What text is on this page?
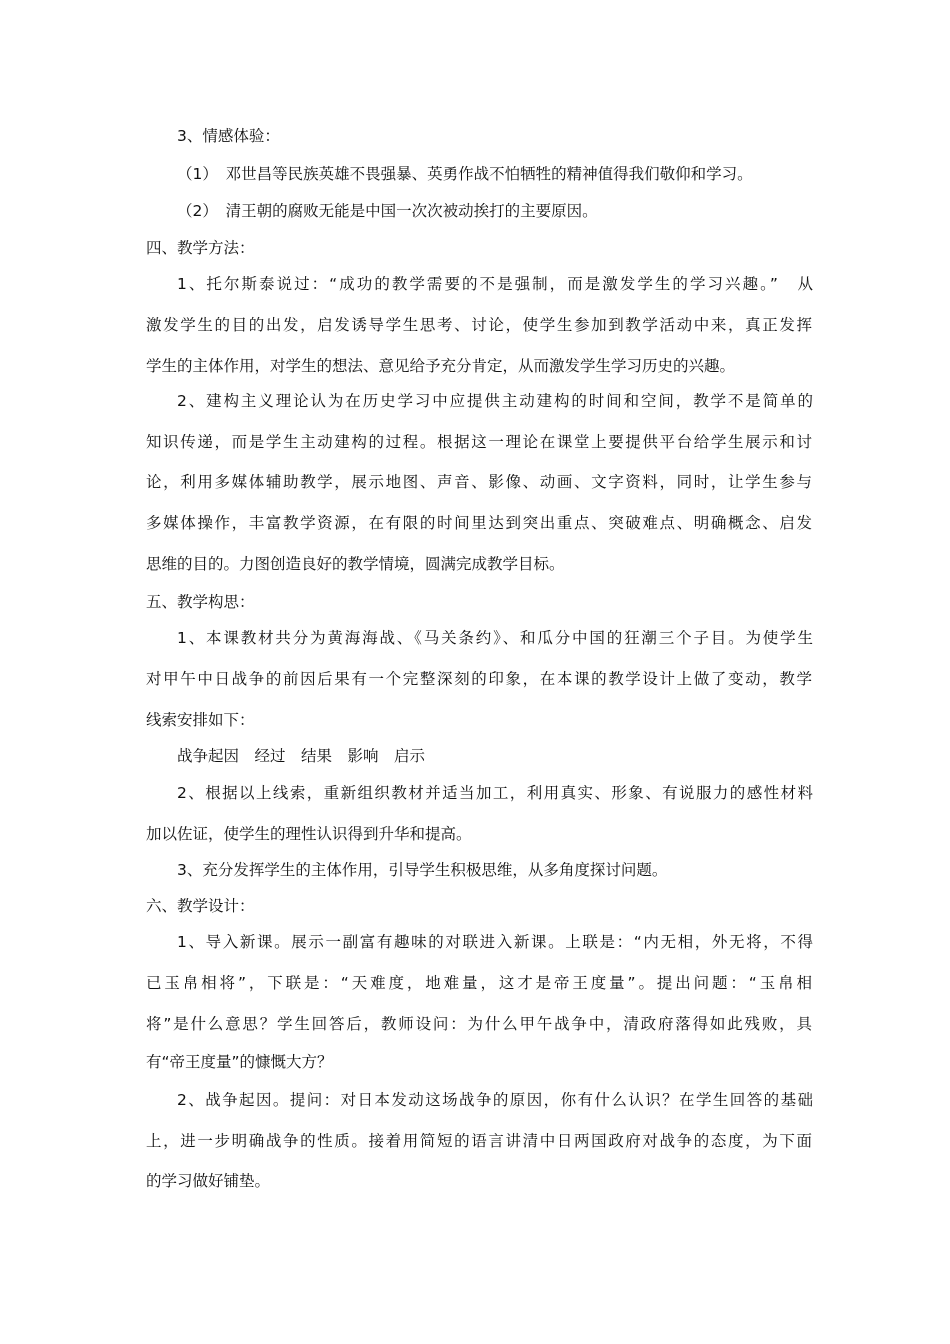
3、情感体验：
（1）　邓世昌等民族英雄不畏强暴、英勇作战不怕牺牲的精神值得我们敬仰和学习。
（2）　清王朝的腐败无能是中国一次次被动挨打的主要原因。
四、教学方法：
1、托尔斯泰说过：“成功的教学需要的不是强制，而是激发学生的学习兴趣。”　从
激发学生的目的出发，启发诱导学生思考、讨论，使学生参加到教学活动中来，真正发挥
学生的主体作用，对学生的想法、意见给予充分肯定，从而激发学生学习历史的兴趣。
2、建构主义理论认为在历史学习中应提供主动建构的时间和空间，教学不是简单的
知识传递，而是学生主动建构的过程。根据这一理论在课堂上要提供平台给学生展示和讨
论，利用多媒体辅助教学，展示地图、声音、影像、动画、文字资料，同时，让学生参与
多媒体操作，丰富教学资源，在有限的时间里达到突出重点、突破难点、明确概念、启发
思维的目的。力图创造良好的教学情境，圆满完成教学目标。
五、教学构思：
1、本课教材共分为黄海海战、《马关条约》、和瓜分中国的狂潮三个子目。为使学生
对甲午中日战争的前因后果有一个完整深刻的印象，在本课的教学设计上做了变动，教学
线索安排如下：
战争起因　经过　结果　影响　启示
2、根据以上线索，重新组织教材并适当加工，利用真实、形象、有说服力的感性材料
加以佐证，使学生的理性认识得到升华和提高。
3、充分发挥学生的主体作用，引导学生积极思维，从多角度探讨问题。
六、教学设计：
1、导入新课。展示一副富有趣味的对联进入新课。上联是：“内无相，外无将，不得
已玉帛相将”，下联是：“天难度，地难量，这才是帝王度量”。提出问题：“玉帛相
将”是什么意思？学生回答后，教师设问：为什么甲午战争中，清政府落得如此残败，具
有“帝王度量”的慷慨大方？
2、战争起因。提问：对日本发动这场战争的原因，你有什么认识？在学生回答的基础
上，进一步明确战争的性质。接着用简短的语言讲清中日两国政府对战争的态度，为下面
的学习做好铺垫。
